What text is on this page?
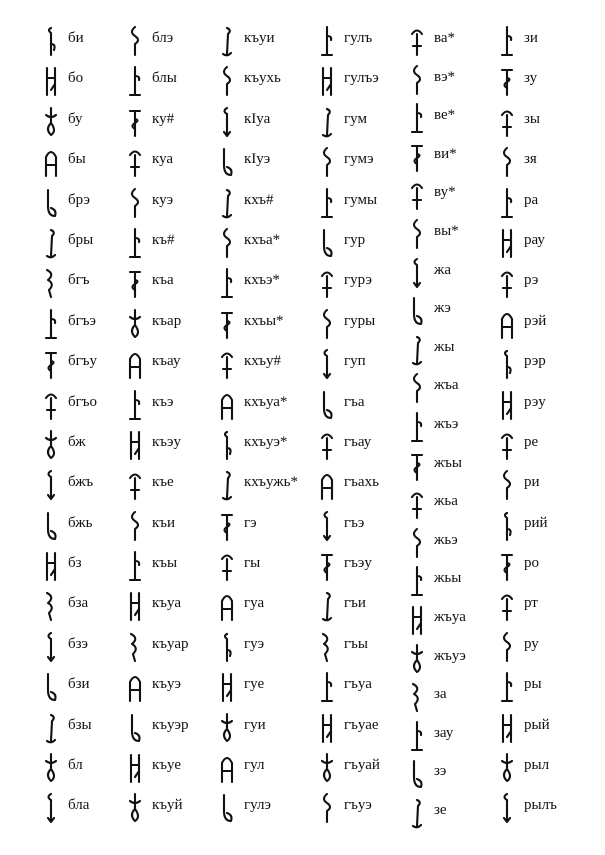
би
бо
бу
бы
брэ
бры
бгъ
бгъэ
бгъу
бгъо
бж
бжъ
бжь
бз
бза
бзэ
бзи
бзы
бл
бла
блэ
блы
ку#
куа
куэ
къ#
къа
къар
къау
къэ
къэу
къе
къи
къы
къуа
къуар
къуэ
къуэр
къуе
къуй
къуи
къухь
кIуа
кIуэ
кхъ#
кхъа*
кхъэ*
кхъы*
кхъу#
кхъуа*
кхъуэ*
кхъужь*
гэ
гы
гуа
гуэ
гуе
гуи
гул
гулэ
гулъ
гулъэ
гум
гумэ
гумы
гур
гурэ
гуры
гуп
гъа
гъау
гъахь
гъэ
гъэу
гъи
гъы
гъуа
гъуае
гъуай
гъуэ
ва*
вэ*
ве*
ви*
ву*
вы*
жа
жэ
жы
жъа
жъэ
жъы
жьа
жьэ
жьы
жъуа
жъуэ
за
зау
зэ
зе
зи
зу
зы
зя
ра
рау
рэ
рэй
рэр
рэу
ре
ри
рий
ро
рт
ру
ры
рый
рыл
рылъ
